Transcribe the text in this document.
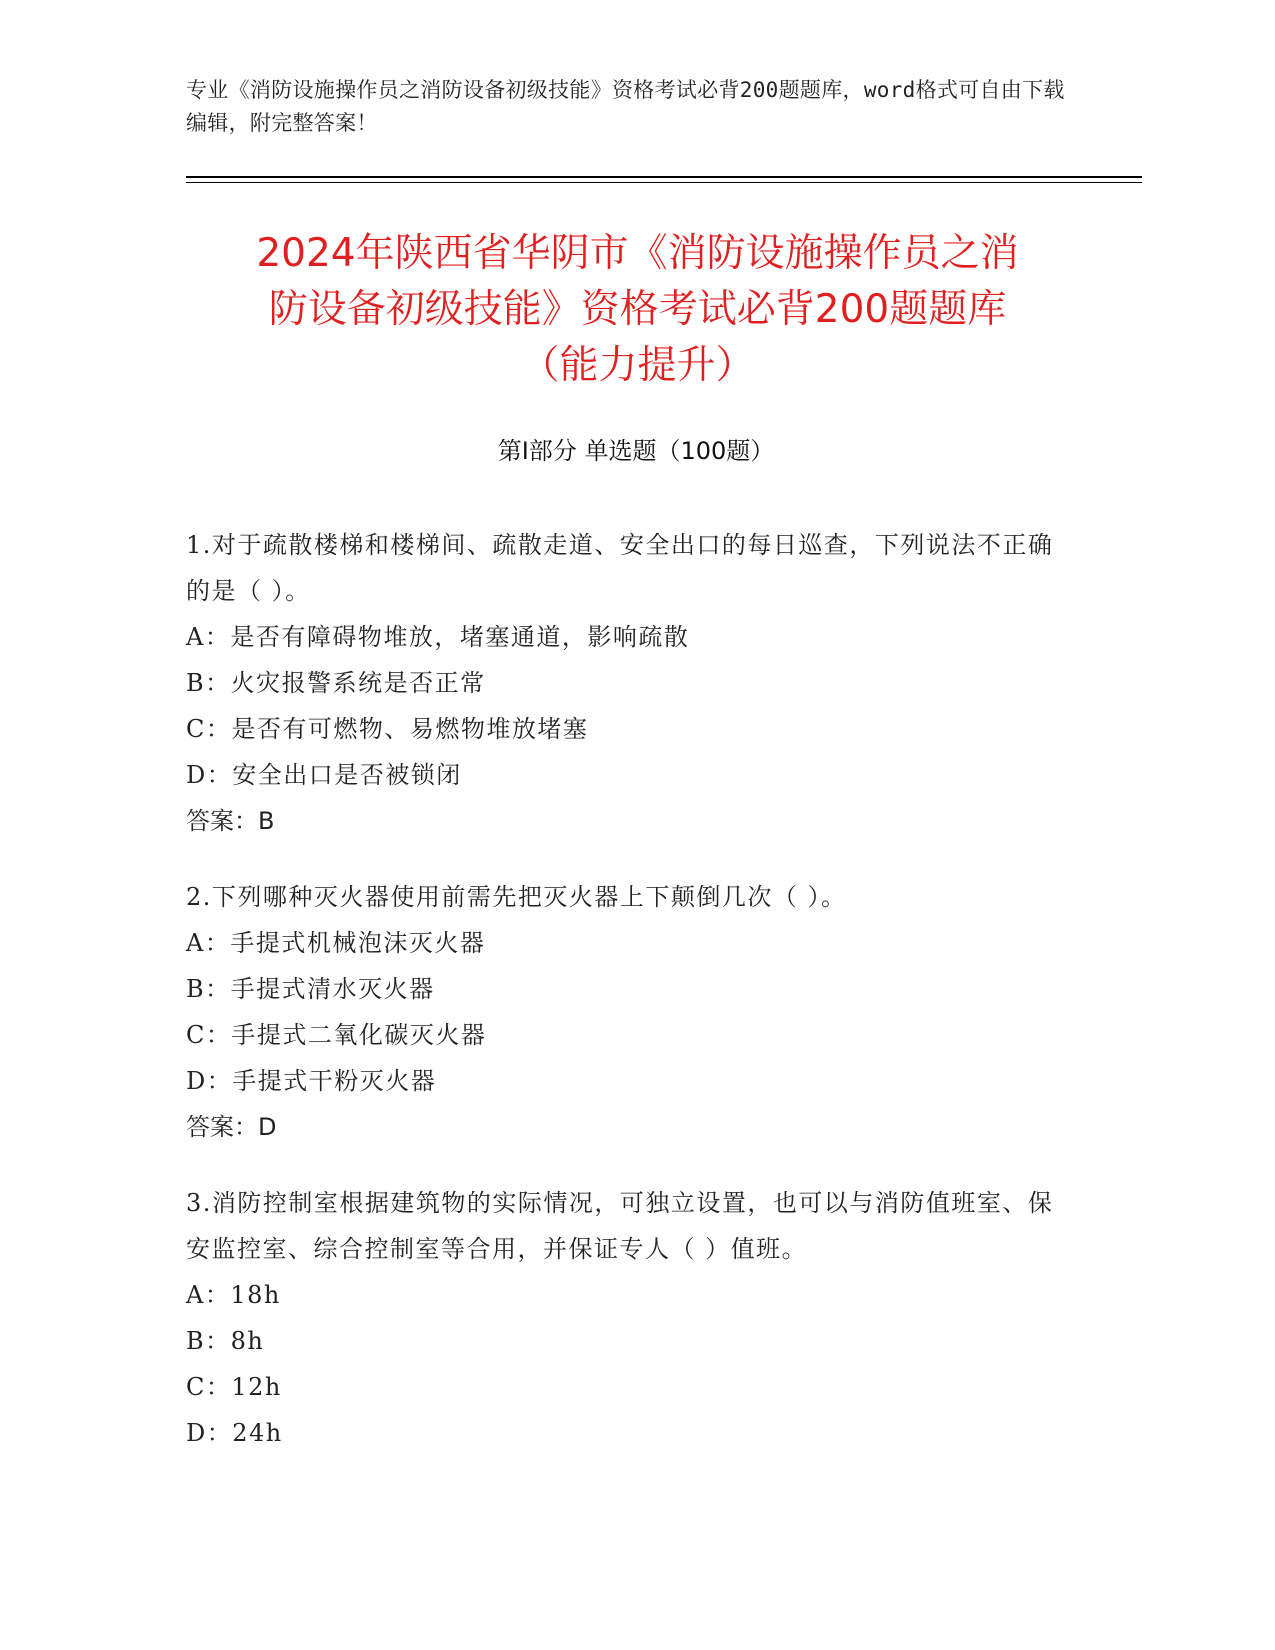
专业《消防设施操作员之消防设备初级技能》资格考试必背200题题库，word格式可自由下载编辑，附完整答案！
2024年陕西省华阴市《消防设施操作员之消
防设备初级技能》资格考试必背200题题库
（能力提升）
第Ⅰ部分 单选题（100题）
1.对于疏散楼梯和楼梯间、疏散走道、安全出口的每日巡查，下列说法不正确的是（ ）。
A：是否有障碍物堆放，堵塞通道，影响疏散
B：火灾报警系统是否正常
C：是否有可燃物、易燃物堆放堵塞
D：安全出口是否被锁闭
答案：B
2.下列哪种灭火器使用前需先把灭火器上下颠倒几次（ ）。
A：手提式机械泡沫灭火器
B：手提式清水灭火器
C：手提式二氧化碳灭火器
D：手提式干粉灭火器
答案：D
3.消防控制室根据建筑物的实际情况，可独立设置，也可以与消防值班室、保安监控室、综合控制室等合用，并保证专人（ ）值班。
A：18h
B：8h
C：12h
D：24h
